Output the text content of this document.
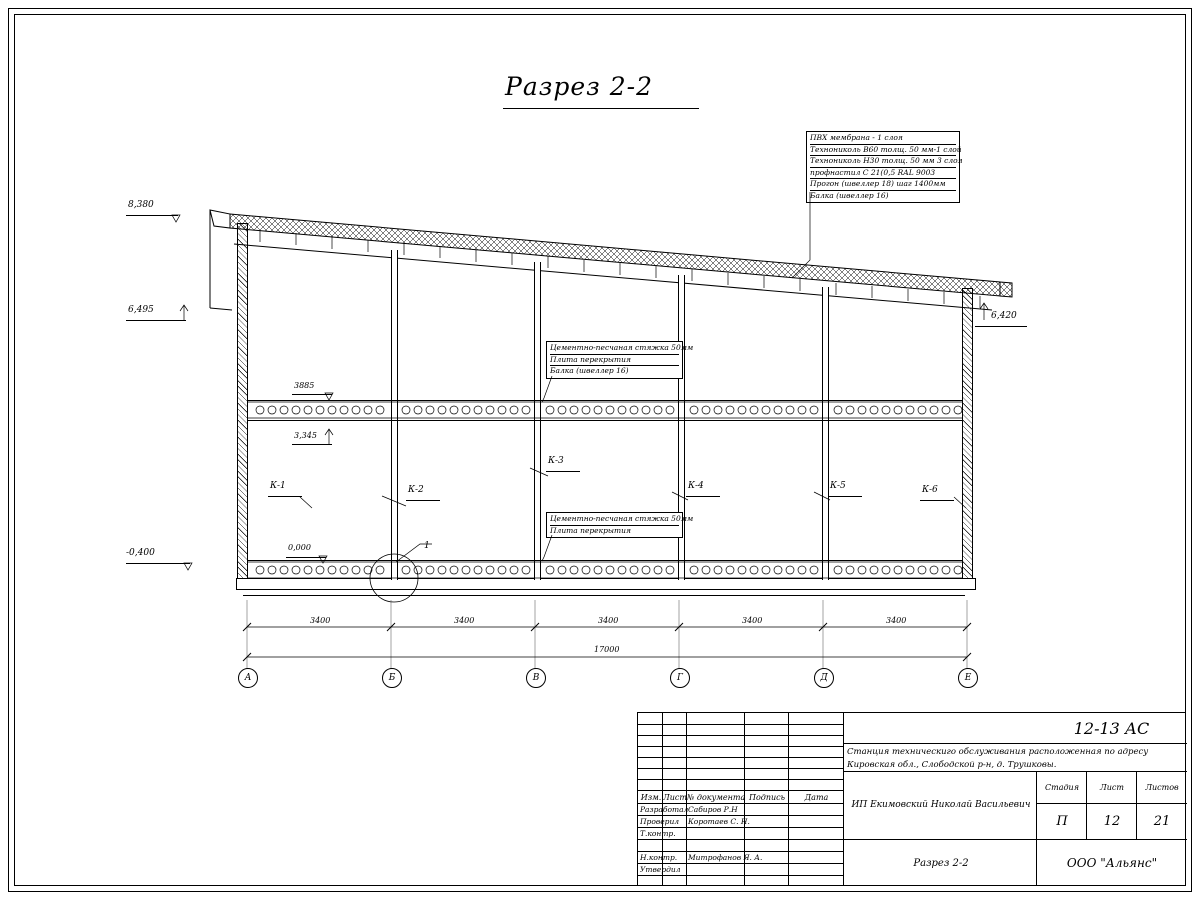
Разрез 2-2
1
ПВХ мембрана - 1 слоя
Технониколь В60 толщ. 50 мм-1 слой
Технониколь Н30 толщ. 50 мм 3 слоя
профнастил С 21(0,5 RAL 9003
Прогон (швеллер 18) шаг 1400мм
Балка (швеллер 16)
Цементно-песчаная стяжка 50мм
Плита перекрытия
Балка (швеллер 16)
Цементно-песчаная стяжка 50мм
Плита перекрытия
8,380
6,495
6,420
-0,400
3885
3,345
0,000
К-1	К-2
К-3
К-4	К-5	К-6
3400	3400	3400	3400	3400
17000
А	Б	В	Г	Д	Е
12-13 АС
Станция техническиго обслуживания расположенная по адресу
Кировская обл., Слободской р-н, д. Трушковы.
ИП Екимовский Николай Васильевич
Разрез 2-2
Стадия	Лист	Листов
П	12	21
ООО "Альянс"
Изм. Лист № документа Подпись	Дата
Разработал Сабиров Р.Н
Проверил	Коротаев С. Н.
Т.контр.
Н.контр.	Митрофанов Я. А.
Утвердил
